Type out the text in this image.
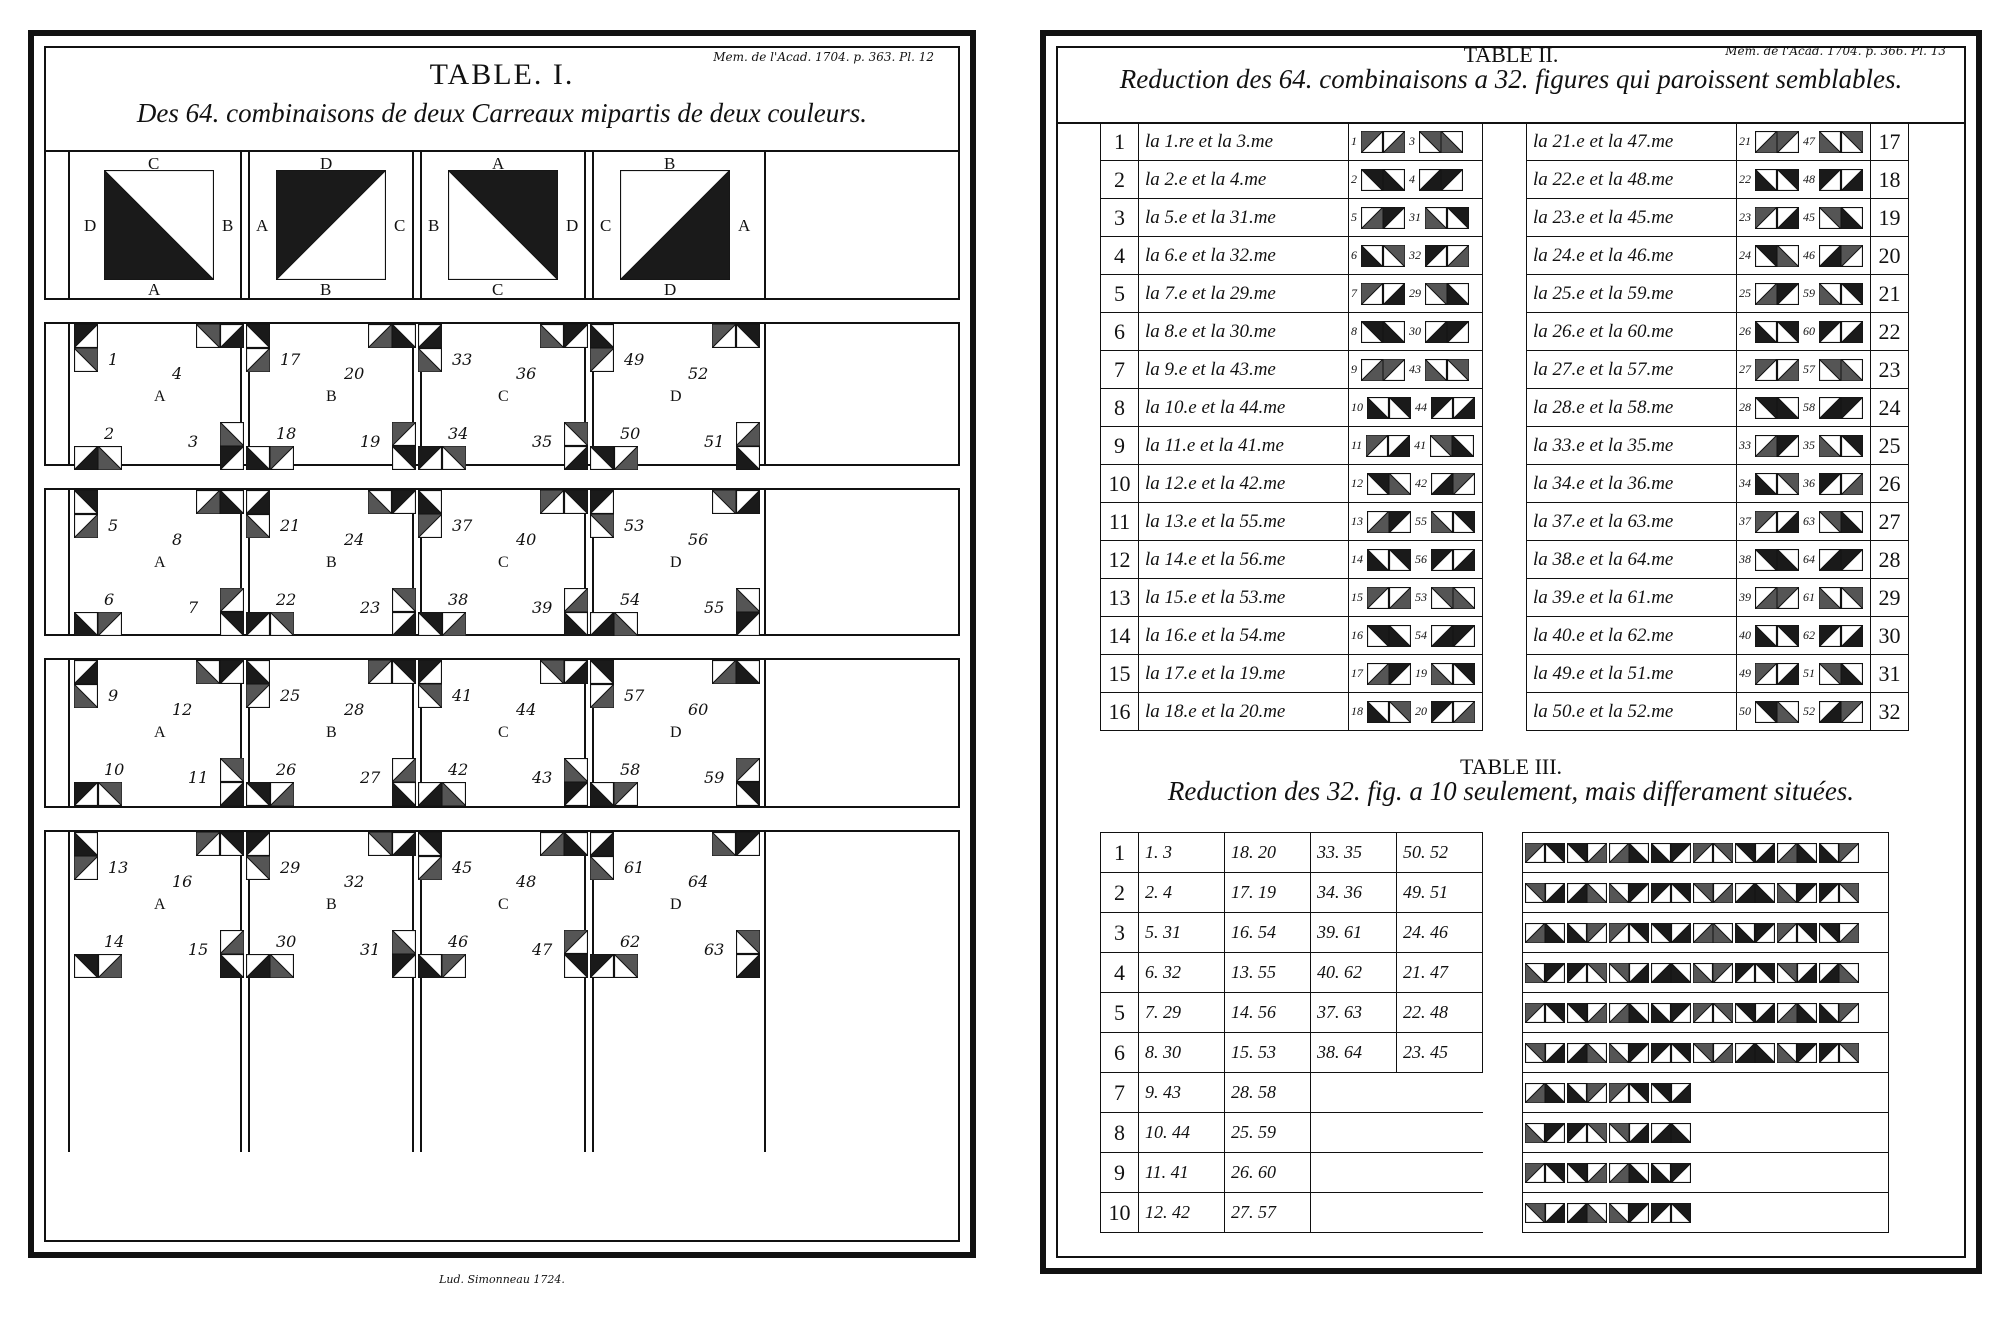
Mem. de l'Acad. 1704. p. 363. Pl. 12
TABLE. I.
Des 64. combinaisons de deux Carreaux mipartis de deux couleurs.
C
A
D	B
D
B
A	C
A
C
B	D
B
D
C	A
1
4
2	3
A
5
8
6	7
A
9
12
10	11
A
13
16
14	15
A
17
20
18	19
B
21
24
22	23
B
25
28
26	27
B
29
32
30	31
B
33
36
34	35
C
37
40
38	39
C
41
44
42	43
C
45
48
46	47
C
49
52
50	51
D
53
56
54	55
D
57
60
58	59
D
61
64
62	63
D
Lud. Simonneau 1724.
Mem. de l'Acad. 1704. p. 366. Pl. 13
TABLE II.
Reduction des 64. combinaisons a 32. figures qui paroissent semblables.
1	la 1.re et la 3.me	1 3		la 21.e et la 47.me	21 47	17
2	la 2.e et la 4.me	2 4		la 22.e et la 48.me	22 48	18
3	la 5.e et la 31.me	5 31		la 23.e et la 45.me	23 45	19
4	la 6.e et la 32.me	6 32		la 24.e et la 46.me	24 46	20
5	la 7.e et la 29.me	7 29		la 25.e et la 59.me	25 59	21
6	la 8.e et la 30.me	8 30		la 26.e et la 60.me	26 60	22
7	la 9.e et la 43.me	9 43		la 27.e et la 57.me	27 57	23
8	la 10.e et la 44.me	10 44		la 28.e et la 58.me	28 58	24
9	la 11.e et la 41.me	11 41		la 33.e et la 35.me	33 35	25
10	la 12.e et la 42.me	12 42		la 34.e et la 36.me	34 36	26
11	la 13.e et la 55.me	13 55		la 37.e et la 63.me	37 63	27
12	la 14.e et la 56.me	14 56		la 38.e et la 64.me	38 64	28
13	la 15.e et la 53.me	15 53		la 39.e et la 61.me	39 61	29
14	la 16.e et la 54.me	16 54		la 40.e et la 62.me	40 62	30
15	la 17.e et la 19.me	17 19		la 49.e et la 51.me	49 51	31
16	la 18.e et la 20.me	18 20		la 50.e et la 52.me	50 52	32
TABLE III.
Reduction des 32. fig. a 10 seulement, mais differament situées.
1	1. 3	18. 20	33. 35	50. 52		

2	2. 4	17. 19	34. 36	49. 51		

3	5. 31	16. 54	39. 61	24. 46		

4	6. 32	13. 55	40. 62	21. 47		

5	7. 29	14. 56	37. 63	22. 48		

6	8. 30	15. 53	38. 64	23. 45		

7	9. 43	28. 58				

8	10. 44	25. 59				

9	11. 41	26. 60				

10	12. 42	27. 57				
